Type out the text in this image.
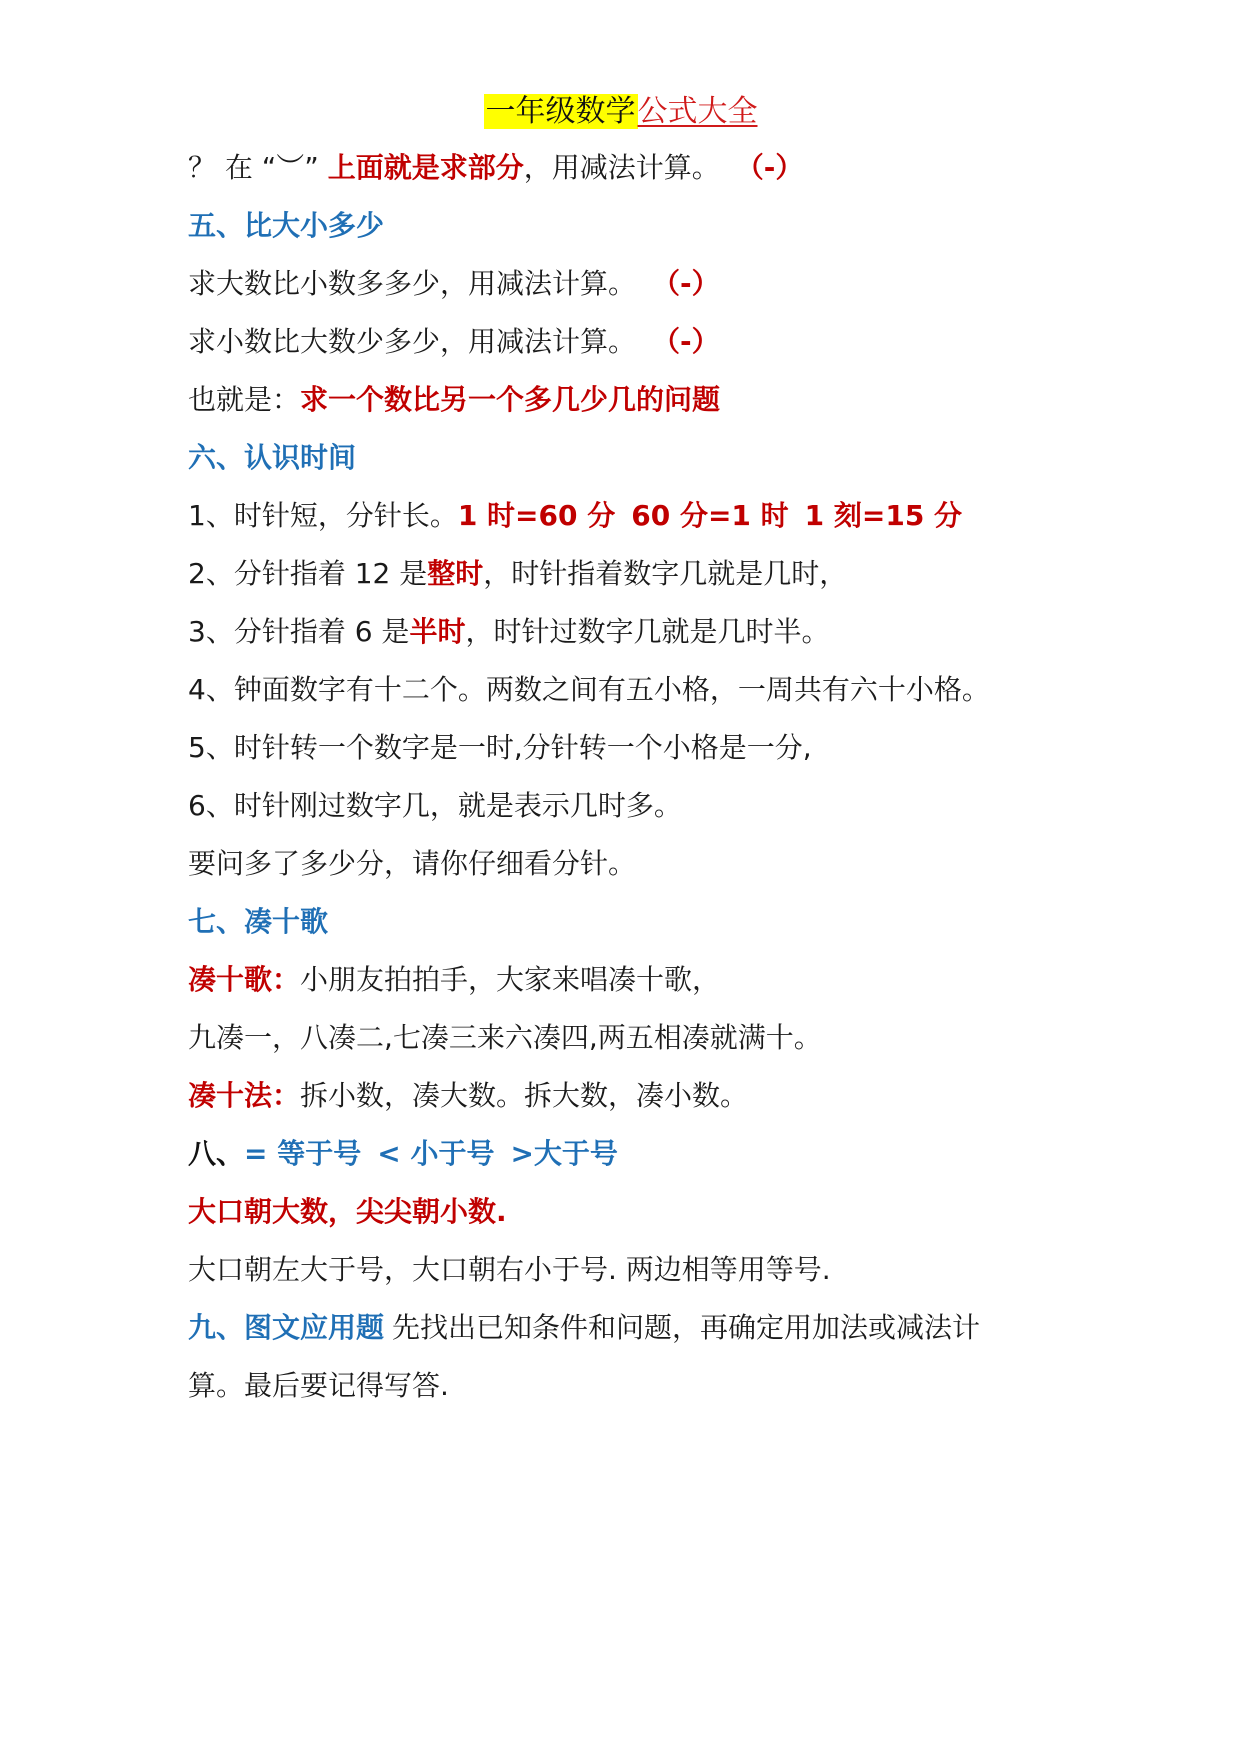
一年级数学公式大全
？ 在 “︶” 上面就是求部分，用减法计算。 （-）
五、比大小多少
求大数比小数多多少，用减法计算。 （-）
求小数比大数少多少，用减法计算。 （-）
也就是：求一个数比另一个多几少几的问题
六、认识时间
1、时针短，分针长。1 时=60 分 60 分=1 时 1 刻=15 分
2、分针指着 12 是整时，时针指着数字几就是几时，
3、分针指着 6 是半时，时针过数字几就是几时半。
4、钟面数字有十二个。两数之间有五小格，一周共有六十小格。
5、时针转一个数字是一时,分针转一个小格是一分,
6、时针刚过数字几，就是表示几时多。
要问多了多少分，请你仔细看分针。
七、凑十歌
凑十歌：小朋友拍拍手，大家来唱凑十歌，
九凑一，八凑二,七凑三来六凑四,两五相凑就满十。
凑十法：拆小数，凑大数。拆大数，凑小数。
八、= 等于号 < 小于号 >大于号
大口朝大数，尖尖朝小数.
大口朝左大于号，大口朝右小于号. 两边相等用等号.
九、图文应用题 先找出已知条件和问题，再确定用加法或减法计
算。最后要记得写答.
